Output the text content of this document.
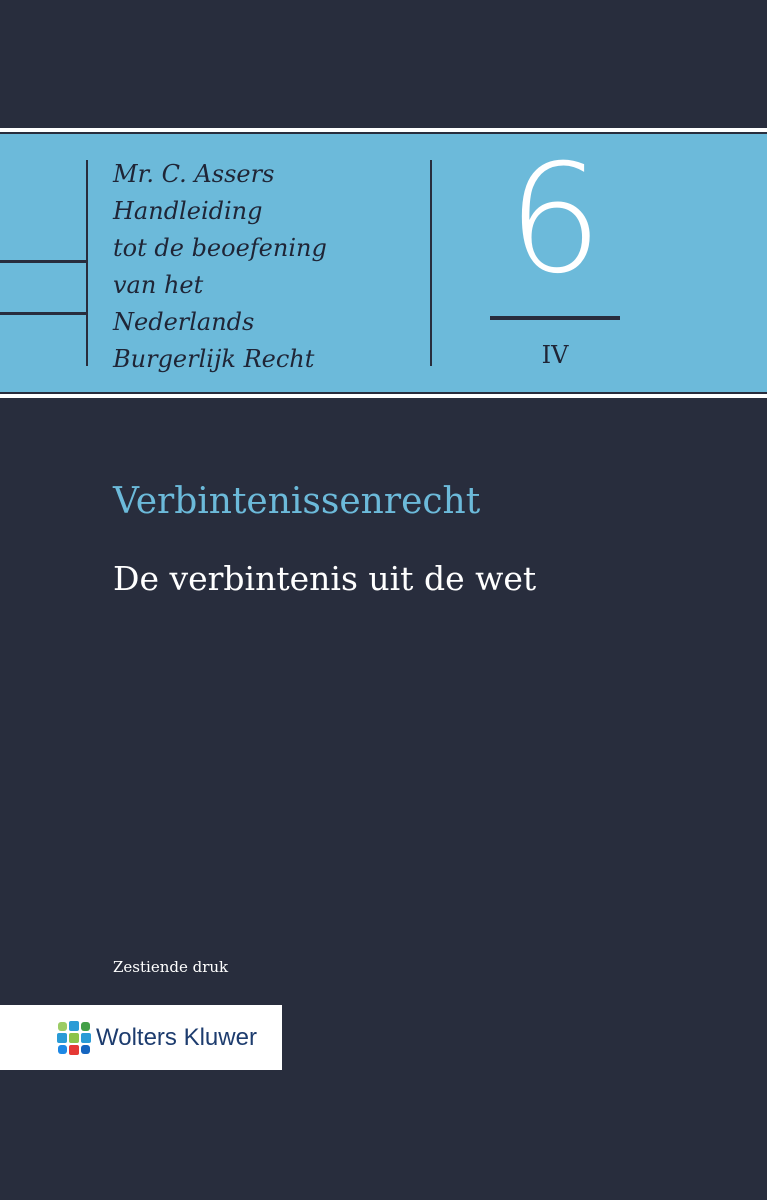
Mr. C. Assers
Handleiding
tot de beoefening
van het
Nederlands
Burgerlijk Recht
6
IV
Verbintenissenrecht
De verbintenis uit de wet
Zestiende druk
Wolters Kluwer
